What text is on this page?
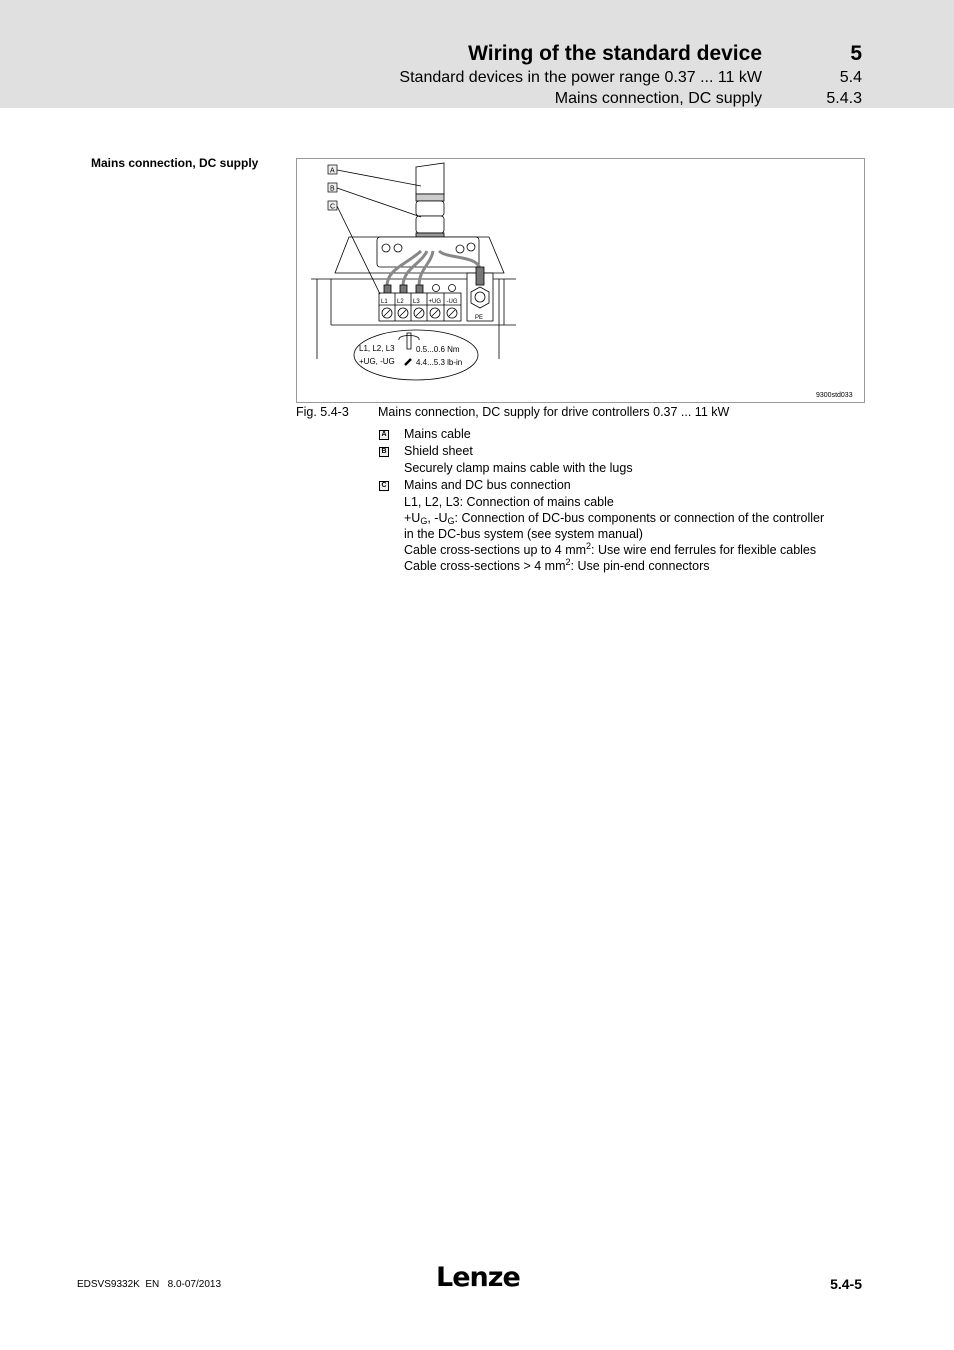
Wiring of the standard device	5
Standard devices in the power range 0.37 ... 11 kW	5.4
Mains connection, DC supply	5.4.3
Mains connection, DC supply
A
B
C
L1 L2 L3 +UG -UG
PE
L1, L2, L3
+UG, -UG
0.5...0.6 Nm
4.4...5.3 lb-in
9300std033
Fig. 5.4-3 Mains connection, DC supply for drive controllers 0.37 ... 11 kW
A Mains cable
B Shield sheet
Securely clamp mains cable with the lugs
C Mains and DC bus connection
L1, L2, L3: Connection of mains cable
$+U_G$, $-U_G$: Connection of DC-bus components or connection of the controller
in the DC-bus system (see system manual)
Cable cross-sections up to 4 $mm^2$: Use wire end ferrules for flexible cables
Cable cross-sections > 4 $mm^2$: Use pin-end connectors
EDSVS9332K EN 8.0-07/2013	Lenze	5.4-5
